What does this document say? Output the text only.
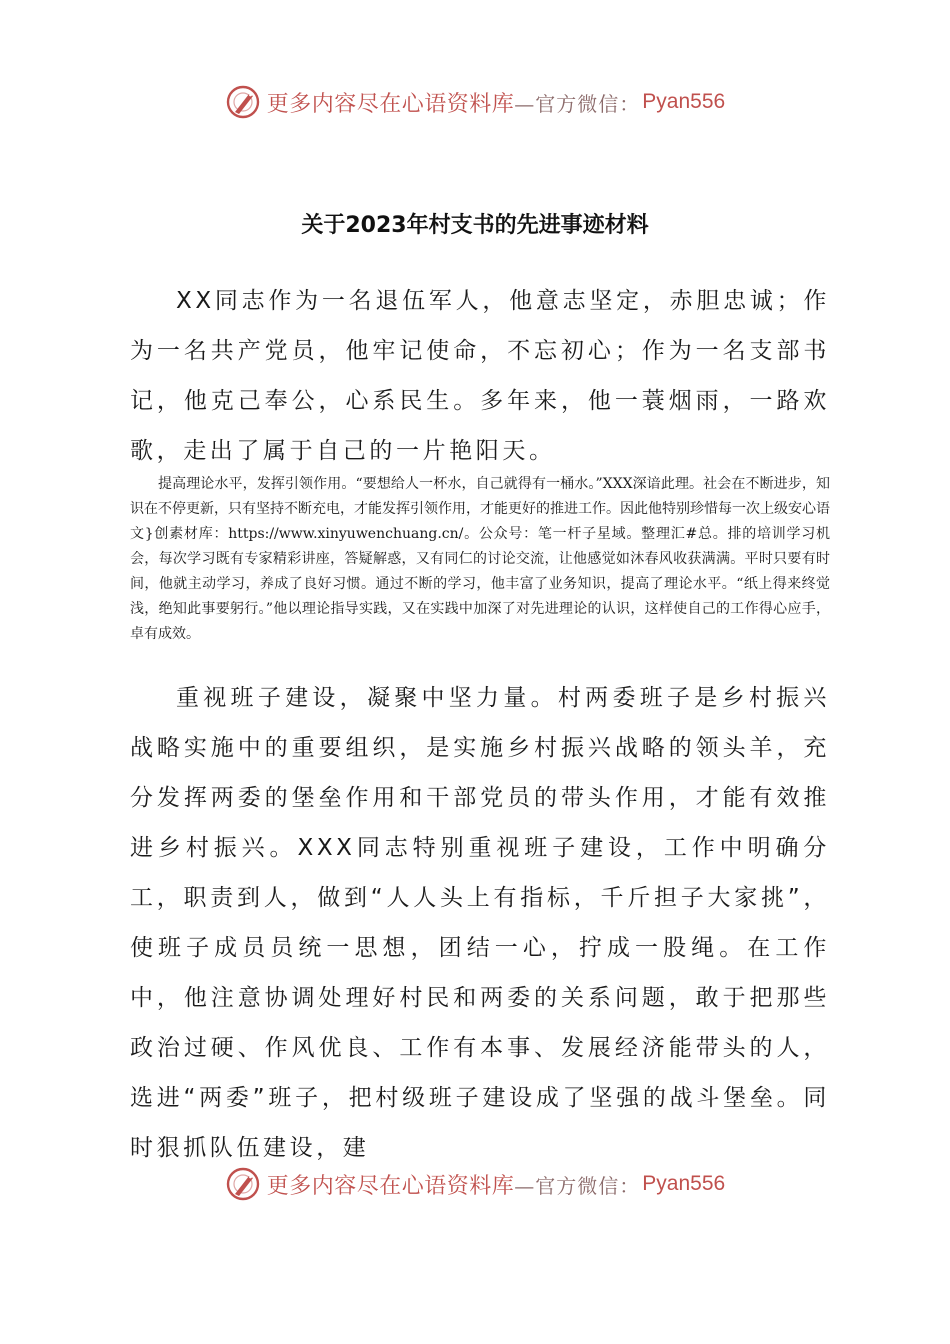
更多内容尽在心语资料库 —官方微信： Pyan556
关于2023年村支书的先进事迹材料

XX同志作为一名退伍军人，他意志坚定，赤胆忠诚；作为一名共产党员，他牢记使命，不忘初心；作为一名支部书记，他克己奉公，心系民生。多年来，他一蓑烟雨，一路欢歌，走出了属于自己的一片艳阳天。

提高理论水平，发挥引领作用。“要想给人一杯水，自己就得有一桶水。”XXX深谙此理。社会在不断进步，知识在不停更新，只有坚持不断充电，才能发挥引领作用，才能更好的推进工作。因此他特别珍惜每一次上级安心语文}创素材库：https://www.xinyuwenchuang.cn/。公众号：笔一杆子星域。整理汇#总。排的培训学习机会，每次学习既有专家精彩讲座，答疑解惑，又有同仁的讨论交流，让他感觉如沐春风收获满满。平时只要有时间，他就主动学习，养成了良好习惯。通过不断的学习，他丰富了业务知识，提高了理论水平。“纸上得来终觉浅，绝知此事要躬行。”他以理论指导实践，又在实践中加深了对先进理论的认识，这样使自己的工作得心应手，卓有成效。

重视班子建设，凝聚中坚力量。村两委班子是乡村振兴战略实施中的重要组织，是实施乡村振兴战略的领头羊，充分发挥两委的堡垒作用和干部党员的带头作用，才能有效推进乡村振兴。XXX同志特别重视班子建设，工作中明确分工，职责到人，做到“人人头上有指标，千斤担子大家挑”，使班子成员员统一思想，团结一心，拧成一股绳。在工作中，他注意协调处理好村民和两委的关系问题，敢于把那些政治过硬、作风优良、工作有本事、发展经济能带头的人，选进“两委”班子，把村级班子建设成了坚强的战斗堡垒。同时狠抓队伍建设，建

更多内容尽在心语资料库 —官方微信： Pyan556
